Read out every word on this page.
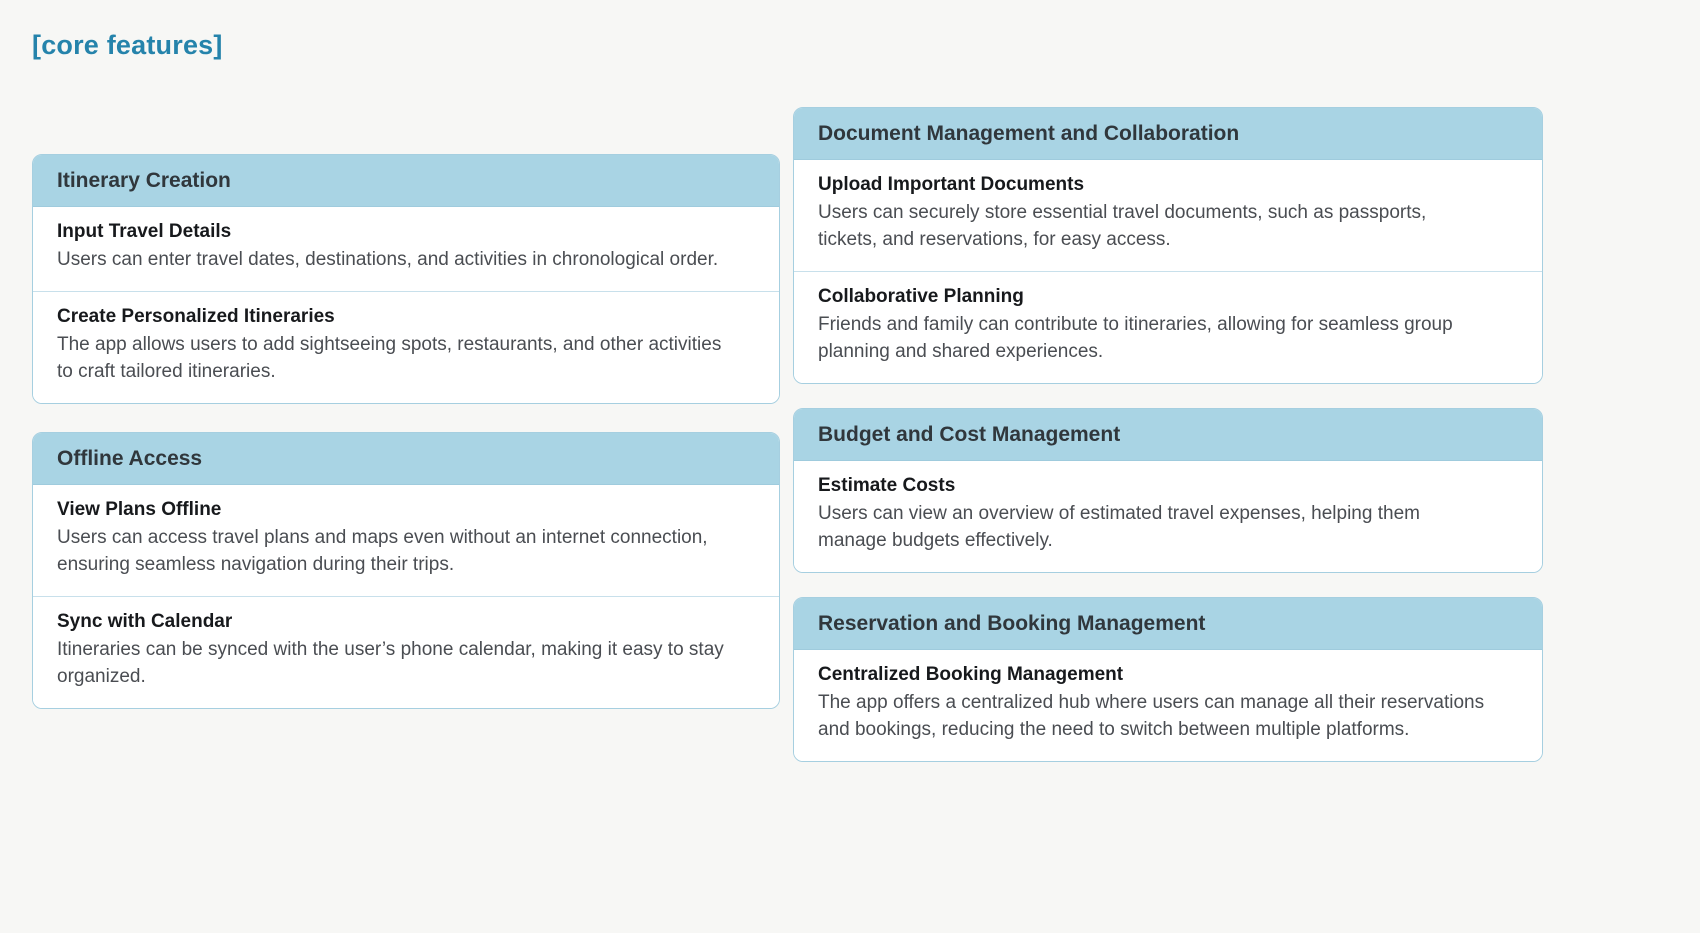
[core features]
Itinerary Creation
Input Travel Details
Users can enter travel dates, destinations, and activities in chronological order.
Create Personalized Itineraries
The app allows users to add sightseeing spots, restaurants, and other activities to craft tailored itineraries.
Offline Access
View Plans Offline
Users can access travel plans and maps even without an internet connection, ensuring seamless navigation during their trips.
Sync with Calendar
Itineraries can be synced with the user’s phone calendar, making it easy to stay organized.
Document Management and Collaboration
Upload Important Documents
Users can securely store essential travel documents, such as passports, tickets, and reservations, for easy access.
Collaborative Planning
Friends and family can contribute to itineraries, allowing for seamless group planning and shared experiences.
Budget and Cost Management
Estimate Costs
Users can view an overview of estimated travel expenses, helping them manage budgets effectively.
Reservation and Booking Management
Centralized Booking Management
The app offers a centralized hub where users can manage all their reservations and bookings, reducing the need to switch between multiple platforms.
